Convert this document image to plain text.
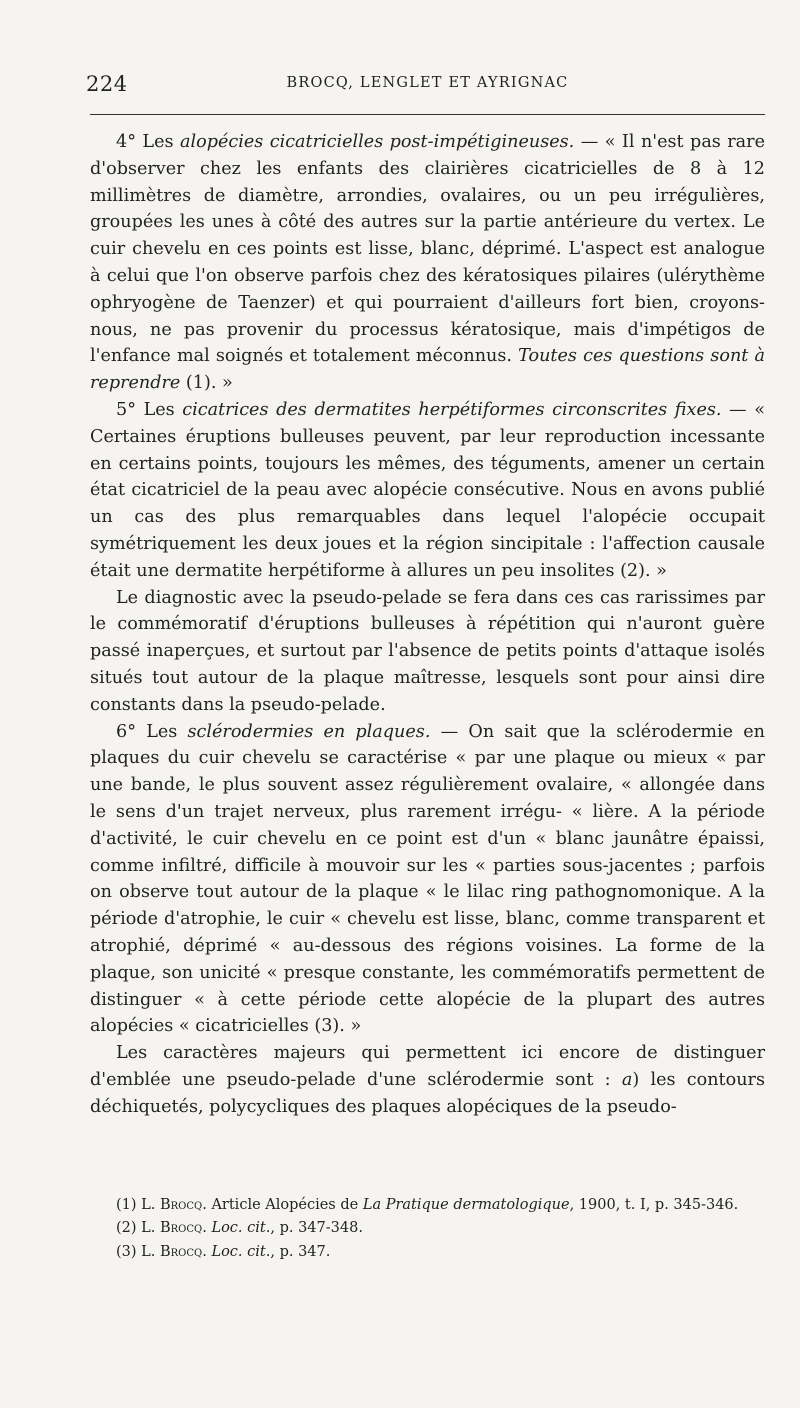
224	BROCQ, LENGLET ET AYRIGNAC

4° Les alopécies cicatricielles post-impétigineuses. — « Il n'est pas rare d'observer chez les enfants des clairières cicatricielles de 8 à 12 millimètres de diamètre, arrondies, ovalaires, ou un peu irrégulières, groupées les unes à côté des autres sur la partie antérieure du vertex. Le cuir chevelu en ces points est lisse, blanc, déprimé. L'aspect est analogue à celui que l'on observe parfois chez des kératosiques pilaires (ulérythème ophryogène de Taenzer) et qui pourraient d'ailleurs fort bien, croyons-nous, ne pas provenir du processus kératosique, mais d'impétigos de l'enfance mal soignés et totalement méconnus. Toutes ces questions sont à reprendre (1). »

5° Les cicatrices des dermatites herpétiformes circonscrites fixes. — « Certaines éruptions bulleuses peuvent, par leur reproduction incessante en certains points, toujours les mêmes, des téguments, amener un certain état cicatriciel de la peau avec alopécie consécutive. Nous en avons publié un cas des plus remarquables dans lequel l'alopécie occupait symétriquement les deux joues et la région sincipitale : l'affection causale était une dermatite herpétiforme à allures un peu insolites (2). »

Le diagnostic avec la pseudo-pelade se fera dans ces cas rarissimes par le commémoratif d'éruptions bulleuses à répétition qui n'auront guère passé inaperçues, et surtout par l'absence de petits points d'attaque isolés situés tout autour de la plaque maîtresse, lesquels sont pour ainsi dire constants dans la pseudo-pelade.

6° Les sclérodermies en plaques. — On sait que la sclérodermie en plaques du cuir chevelu se caractérise « par une plaque ou mieux « par une bande, le plus souvent assez régulièrement ovalaire, « allongée dans le sens d'un trajet nerveux, plus rarement irrégu- « lière. A la période d'activité, le cuir chevelu en ce point est d'un « blanc jaunâtre épaissi, comme infiltré, difficile à mouvoir sur les « parties sous-jacentes ; parfois on observe tout autour de la plaque « le lilac ring pathognomonique. A la période d'atrophie, le cuir « chevelu est lisse, blanc, comme transparent et atrophié, déprimé « au-dessous des régions voisines. La forme de la plaque, son unicité « presque constante, les commémoratifs permettent de distinguer « à cette période cette alopécie de la plupart des autres alopécies « cicatricielles (3). »

Les caractères majeurs qui permettent ici encore de distinguer d'emblée une pseudo-pelade d'une sclérodermie sont : a) les contours déchiquetés, polycycliques des plaques alopéciques de la pseudo-

(1) L. Brocq. Article Alopécies de La Pratique dermatologique, 1900, t. I, p. 345-346.

(2) L. Brocq. Loc. cit., p. 347-348.

(3) L. Brocq. Loc. cit., p. 347.
